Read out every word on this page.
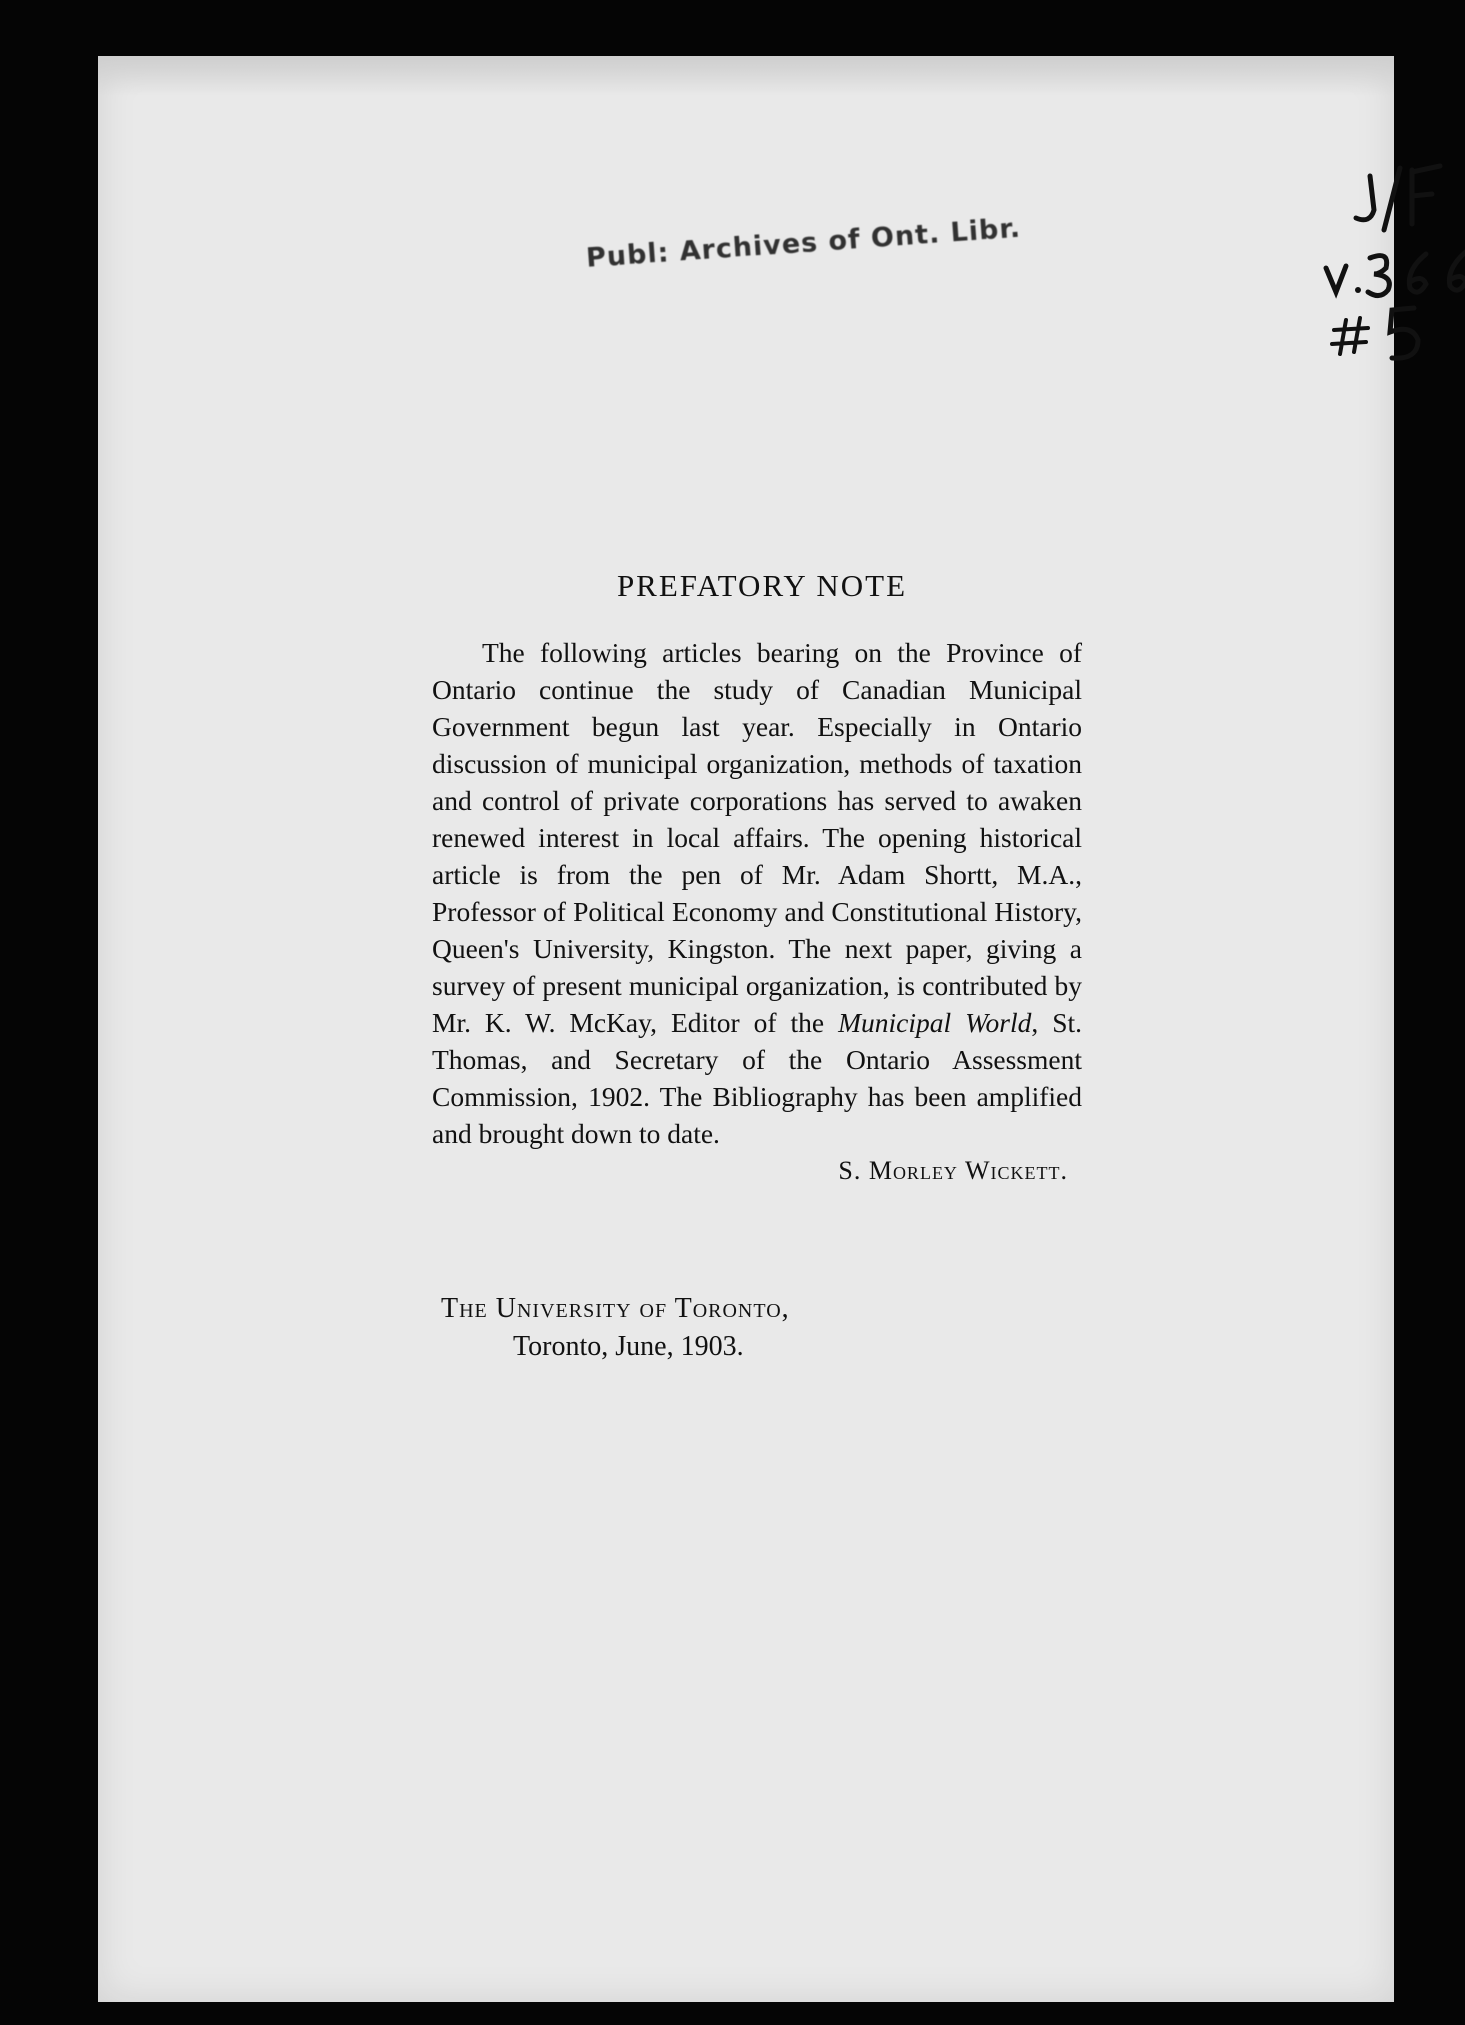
Publ: Archives of Ont. Libr.
PREFATORY NOTE

The following articles bearing on the Province of Ontario continue the study of Canadian Municipal Government begun last year. Especially in Ontario discussion of municipal organization, methods of taxation and control of private corporations has served to awaken renewed interest in local affairs. The opening historical article is from the pen of Mr. Adam Shortt, M.A., Professor of Political Economy and Constitutional History, Queen's University, Kingston. The next paper, giving a survey of present municipal organization, is contributed by Mr. K. W. McKay, Editor of the Municipal World, St. Thomas, and Secretary of the Ontario Assessment Commission, 1902. The Bibliography has been amplified and brought down to date.

S. Morley Wickett.
The University of Toronto,
Toronto, June, 1903.
